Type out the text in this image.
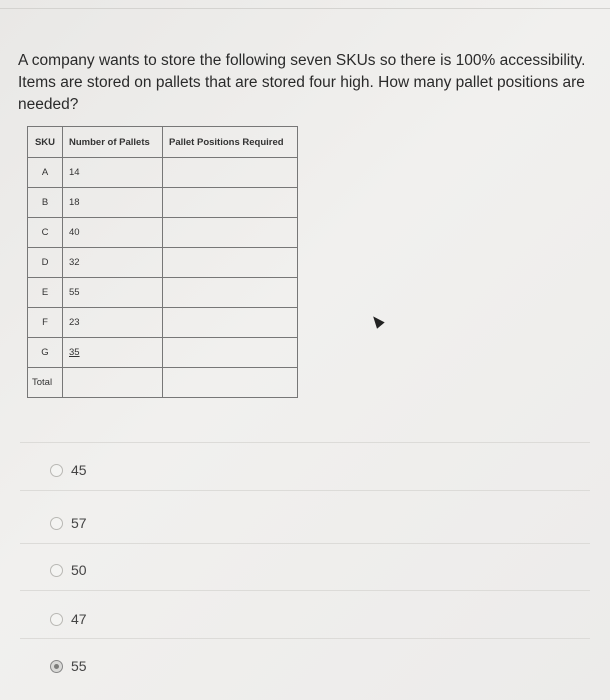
A company wants to store the following seven SKUs so there is 100% accessibility. Items are stored on pallets that are stored four high. How many pallet positions are needed?
SKU	Number of Pallets	Pallet Positions Required
A	14	
B	18	
C	40	
D	32	
E	55	
F	23	
G	35	
Total		
45
57
50
47
55
